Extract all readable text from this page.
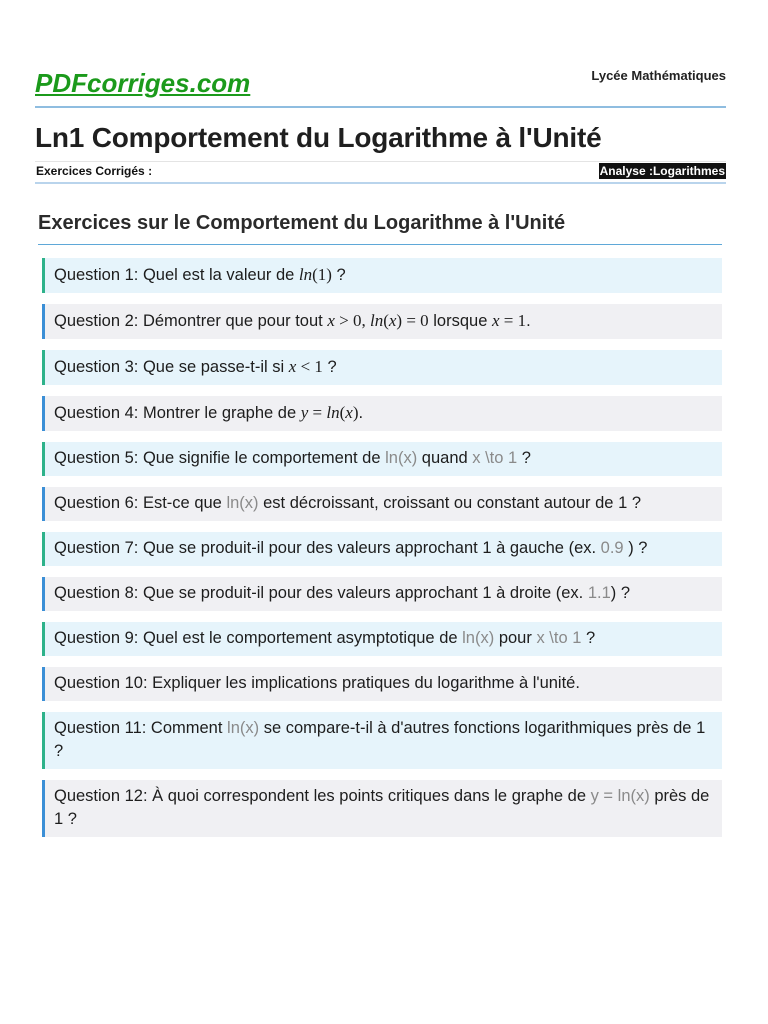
PDFcorriges.com	Lycée Mathématiques
Ln1 Comportement du Logarithme à l'Unité
Exercices Corrigés :	Analyse :Logarithmes
Exercices sur le Comportement du Logarithme à l'Unité
Question 1: Quel est la valeur de ln(1) ?
Question 2: Démontrer que pour tout x > 0, ln(x) = 0 lorsque x = 1.
Question 3: Que se passe-t-il si x < 1 ?
Question 4: Montrer le graphe de y = ln(x).
Question 5: Que signifie le comportement de ln(x) quand x \to 1 ?
Question 6: Est-ce que ln(x) est décroissant, croissant ou constant autour de 1 ?
Question 7: Que se produit-il pour des valeurs approchant 1 à gauche (ex. 0.9 ) ?
Question 8: Que se produit-il pour des valeurs approchant 1 à droite (ex. 1.1) ?
Question 9: Quel est le comportement asymptotique de ln(x) pour x \to 1 ?
Question 10: Expliquer les implications pratiques du logarithme à l'unité.
Question 11: Comment ln(x) se compare-t-il à d'autres fonctions logarithmiques près de 1 ?
Question 12: À quoi correspondent les points critiques dans le graphe de y = ln(x) près de 1 ?
